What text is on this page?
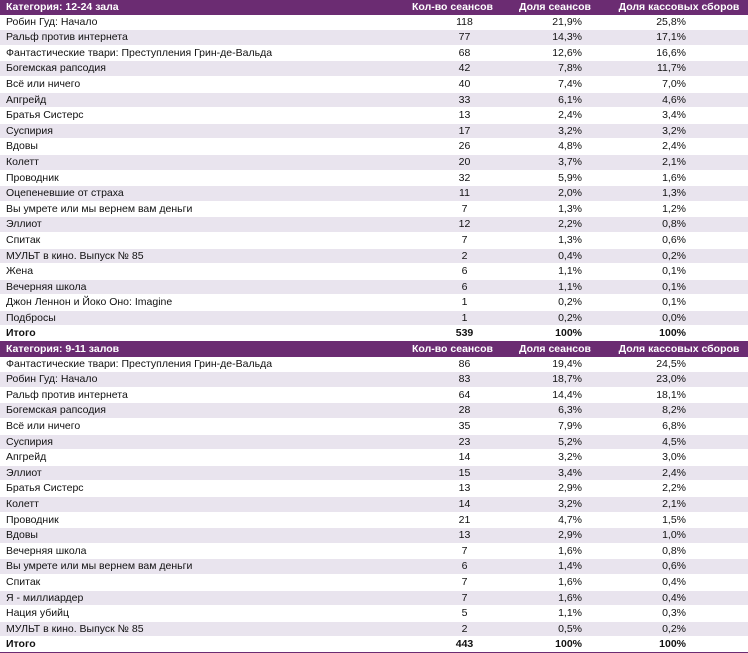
Категория: 12-24 зала	Кол-во сеансов	Доля сеансов	Доля кассовых сборов
Робин Гуд: Начало	118	21,9%	25,8%
Ральф против интернета	77	14,3%	17,1%
Фантастические твари: Преступления Грин-де-Вальда	68	12,6%	16,6%
Богемская рапсодия	42	7,8%	11,7%
Всё или ничего	40	7,4%	7,0%
Апгрейд	33	6,1%	4,6%
Братья Систерс	13	2,4%	3,4%
Суспирия	17	3,2%	3,2%
Вдовы	26	4,8%	2,4%
Колетт	20	3,7%	2,1%
Проводник	32	5,9%	1,6%
Оцепеневшие от страха	11	2,0%	1,3%
Вы умрете или мы вернем вам деньги	7	1,3%	1,2%
Эллиот	12	2,2%	0,8%
Спитак	7	1,3%	0,6%
МУЛЬТ в кино. Выпуск № 85	2	0,4%	0,2%
Жена	6	1,1%	0,1%
Вечерняя школа	6	1,1%	0,1%
Джон Леннон и Йоко Оно: Imagine	1	0,2%	0,1%
Подбросы	1	0,2%	0,0%
Итого	539	100%	100%
Категория: 9-11 залов	Кол-во сеансов	Доля сеансов	Доля кассовых сборов
Фантастические твари: Преступления Грин-де-Вальда	86	19,4%	24,5%
Робин Гуд: Начало	83	18,7%	23,0%
Ральф против интернета	64	14,4%	18,1%
Богемская рапсодия	28	6,3%	8,2%
Всё или ничего	35	7,9%	6,8%
Суспирия	23	5,2%	4,5%
Апгрейд	14	3,2%	3,0%
Эллиот	15	3,4%	2,4%
Братья Систерс	13	2,9%	2,2%
Колетт	14	3,2%	2,1%
Проводник	21	4,7%	1,5%
Вдовы	13	2,9%	1,0%
Вечерняя школа	7	1,6%	0,8%
Вы умрете или мы вернем вам деньги	6	1,4%	0,6%
Спитак	7	1,6%	0,4%
Я - миллиардер	7	1,6%	0,4%
Нация убийц	5	1,1%	0,3%
МУЛЬТ в кино. Выпуск № 85	2	0,5%	0,2%
Итого	443	100%	100%
